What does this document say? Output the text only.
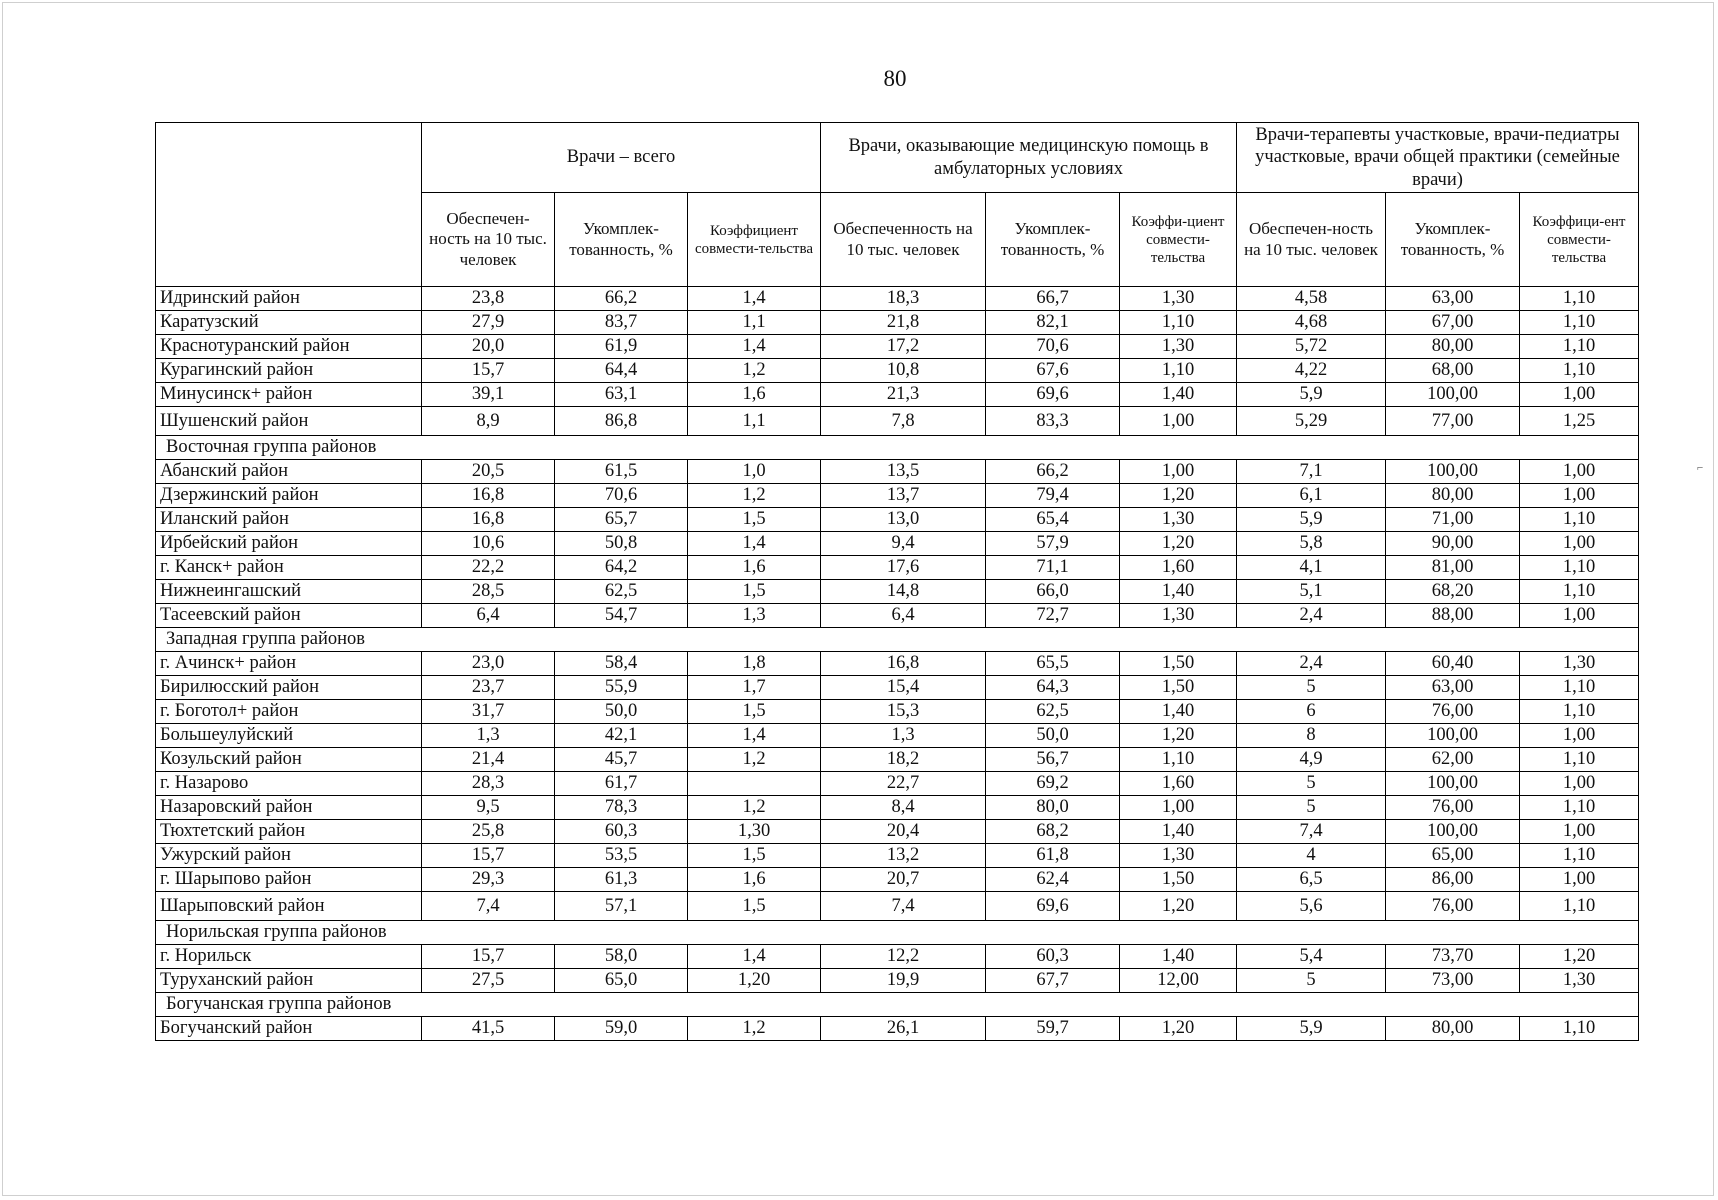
80
⌐
	Врачи – всего			Врачи, оказывающие медицинскую помощь в амбулаторных условиях			Врачи-терапевты участковые, врачи-педиатры участковые, врачи общей практики (семейные врачи)		
	Обеспечен-ность на 10 тыс. человек	Укомплек-тованность, %	Коэффициент совмести-тельства	Обеспеченность на 10 тыс. человек	Укомплек-тованность, %	Коэффи-циент совмести-тельства	Обеспечен-ность на 10 тыс. человек	Укомплек-тованность, %	Коэффици-ент совмести-тельства
Идринский район	23,8	66,2	1,4	18,3	66,7	1,30	4,58	63,00	1,10
Каратузский	27,9	83,7	1,1	21,8	82,1	1,10	4,68	67,00	1,10
Краснотуранский район	20,0	61,9	1,4	17,2	70,6	1,30	5,72	80,00	1,10
Курагинский район	15,7	64,4	1,2	10,8	67,6	1,10	4,22	68,00	1,10
Минусинск+ район	39,1	63,1	1,6	21,3	69,6	1,40	5,9	100,00	1,00
Шушенский район	8,9	86,8	1,1	7,8	83,3	1,00	5,29	77,00	1,25
Восточная группа районов									
Абанский район	20,5	61,5	1,0	13,5	66,2	1,00	7,1	100,00	1,00
Дзержинский район	16,8	70,6	1,2	13,7	79,4	1,20	6,1	80,00	1,00
Иланский район	16,8	65,7	1,5	13,0	65,4	1,30	5,9	71,00	1,10
Ирбейский район	10,6	50,8	1,4	9,4	57,9	1,20	5,8	90,00	1,00
г. Канск+ район	22,2	64,2	1,6	17,6	71,1	1,60	4,1	81,00	1,10
Нижнеингашский	28,5	62,5	1,5	14,8	66,0	1,40	5,1	68,20	1,10
Тасеевский район	6,4	54,7	1,3	6,4	72,7	1,30	2,4	88,00	1,00
Западная группа районов									
г. Ачинск+ район	23,0	58,4	1,8	16,8	65,5	1,50	2,4	60,40	1,30
Бирилюсский район	23,7	55,9	1,7	15,4	64,3	1,50	5	63,00	1,10
г. Боготол+ район	31,7	50,0	1,5	15,3	62,5	1,40	6	76,00	1,10
Большеулуйский	1,3	42,1	1,4	1,3	50,0	1,20	8	100,00	1,00
Козульский район	21,4	45,7	1,2	18,2	56,7	1,10	4,9	62,00	1,10
г. Назарово	28,3	61,7		22,7	69,2	1,60	5	100,00	1,00
Назаровский район	9,5	78,3	1,2	8,4	80,0	1,00	5	76,00	1,10
Тюхтетский район	25,8	60,3	1,30	20,4	68,2	1,40	7,4	100,00	1,00
Ужурский район	15,7	53,5	1,5	13,2	61,8	1,30	4	65,00	1,10
г. Шарыпово район	29,3	61,3	1,6	20,7	62,4	1,50	6,5	86,00	1,00
Шарыповский район	7,4	57,1	1,5	7,4	69,6	1,20	5,6	76,00	1,10
Норильская группа районов									
г. Норильск	15,7	58,0	1,4	12,2	60,3	1,40	5,4	73,70	1,20
Туруханский район	27,5	65,0	1,20	19,9	67,7	12,00	5	73,00	1,30
Богучанская группа районов									
Богучанский район	41,5	59,0	1,2	26,1	59,7	1,20	5,9	80,00	1,10
